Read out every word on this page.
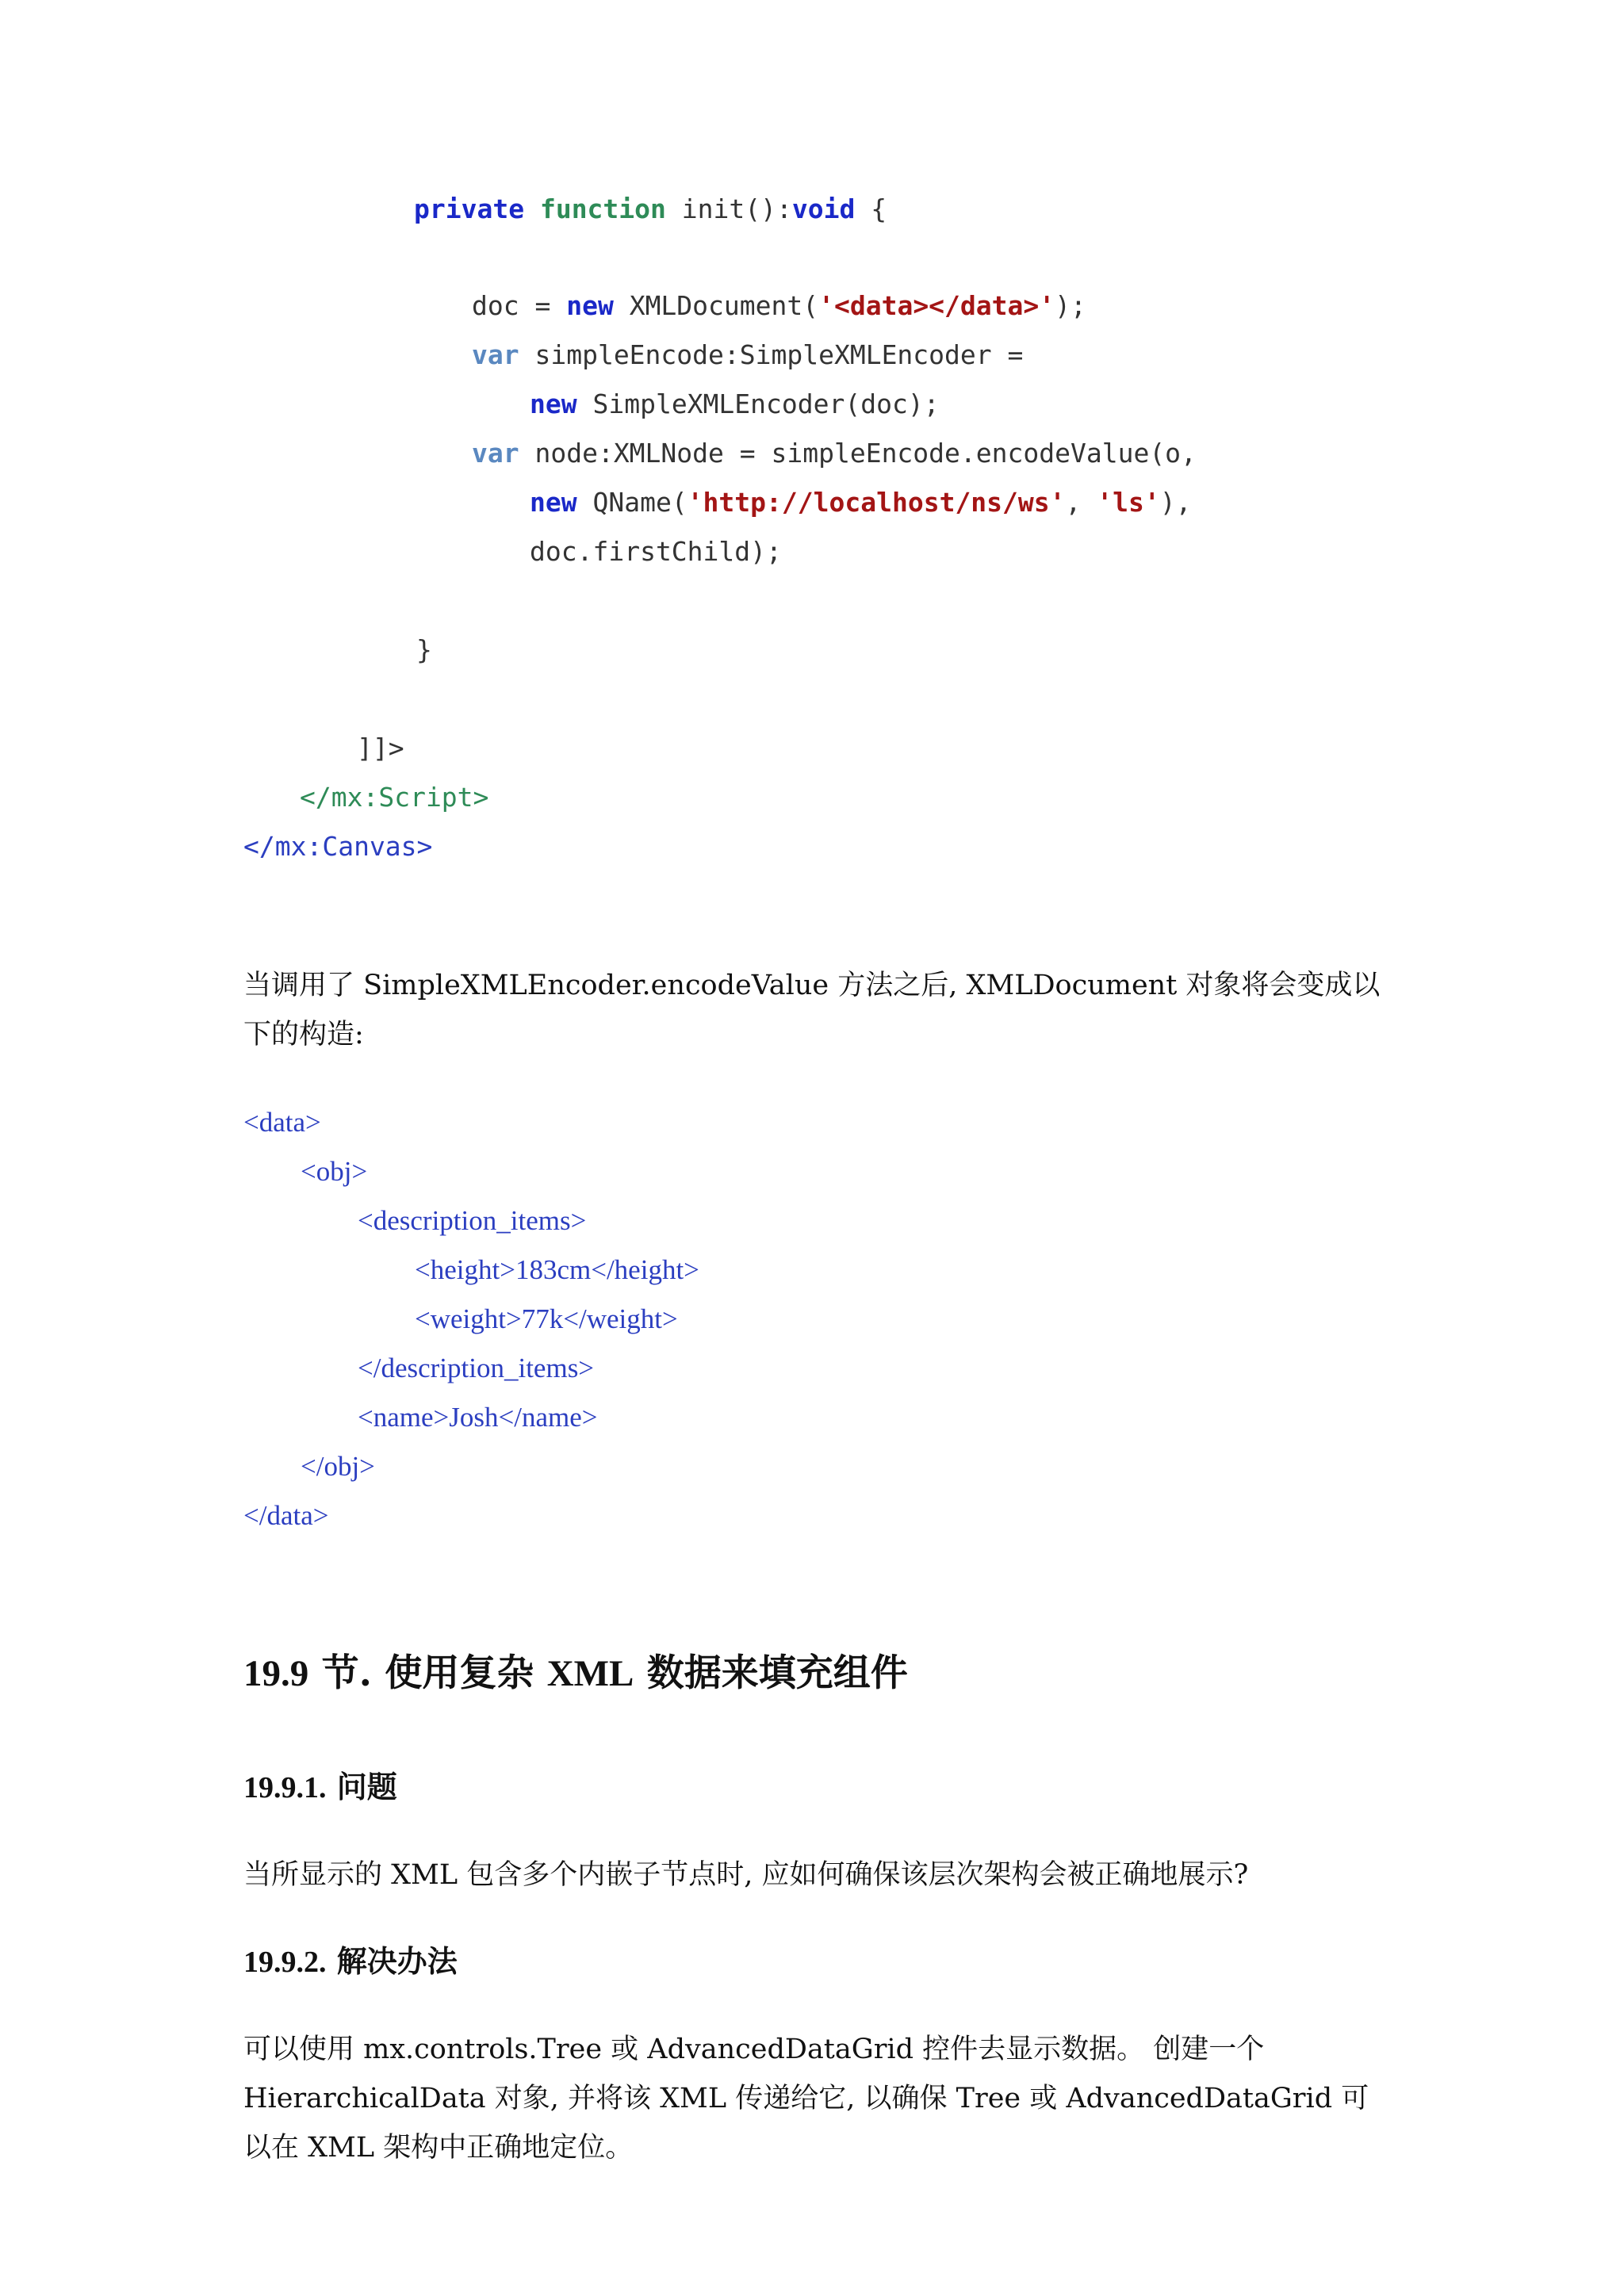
private function init():void {
doc = new XMLDocument('<data></data>');
var simpleEncode:SimpleXMLEncoder =
new SimpleXMLEncoder(doc);
var node:XMLNode = simpleEncode.encodeValue(o,
new QName('http://localhost/ns/ws', 'ls'),
doc.firstChild);
}
]]>
</mx:Script>
</mx:Canvas>

当调用了 SimpleXMLEncoder.encodeValue 方法之后, XMLDocument 对象将会变成以下的构造:

<data>
<obj>
<description_items>
<height>183cm</height>
<weight>77k</weight>
</description_items>
<name>Josh</name>
</obj>
</data>
19.9 节. 使用复杂 XML 数据来填充组件
19.9.1. 问题

当所显示的 XML 包含多个内嵌子节点时, 应如何确保该层次架构会被正确地展示?

19.9.2. 解决办法

可以使用 mx.controls.Tree 或 AdvancedDataGrid 控件去显示数据。 创建一个 HierarchicalData 对象, 并将该 XML 传递给它, 以确保 Tree 或 AdvancedDataGrid 可以在 XML 架构中正确地定位。
